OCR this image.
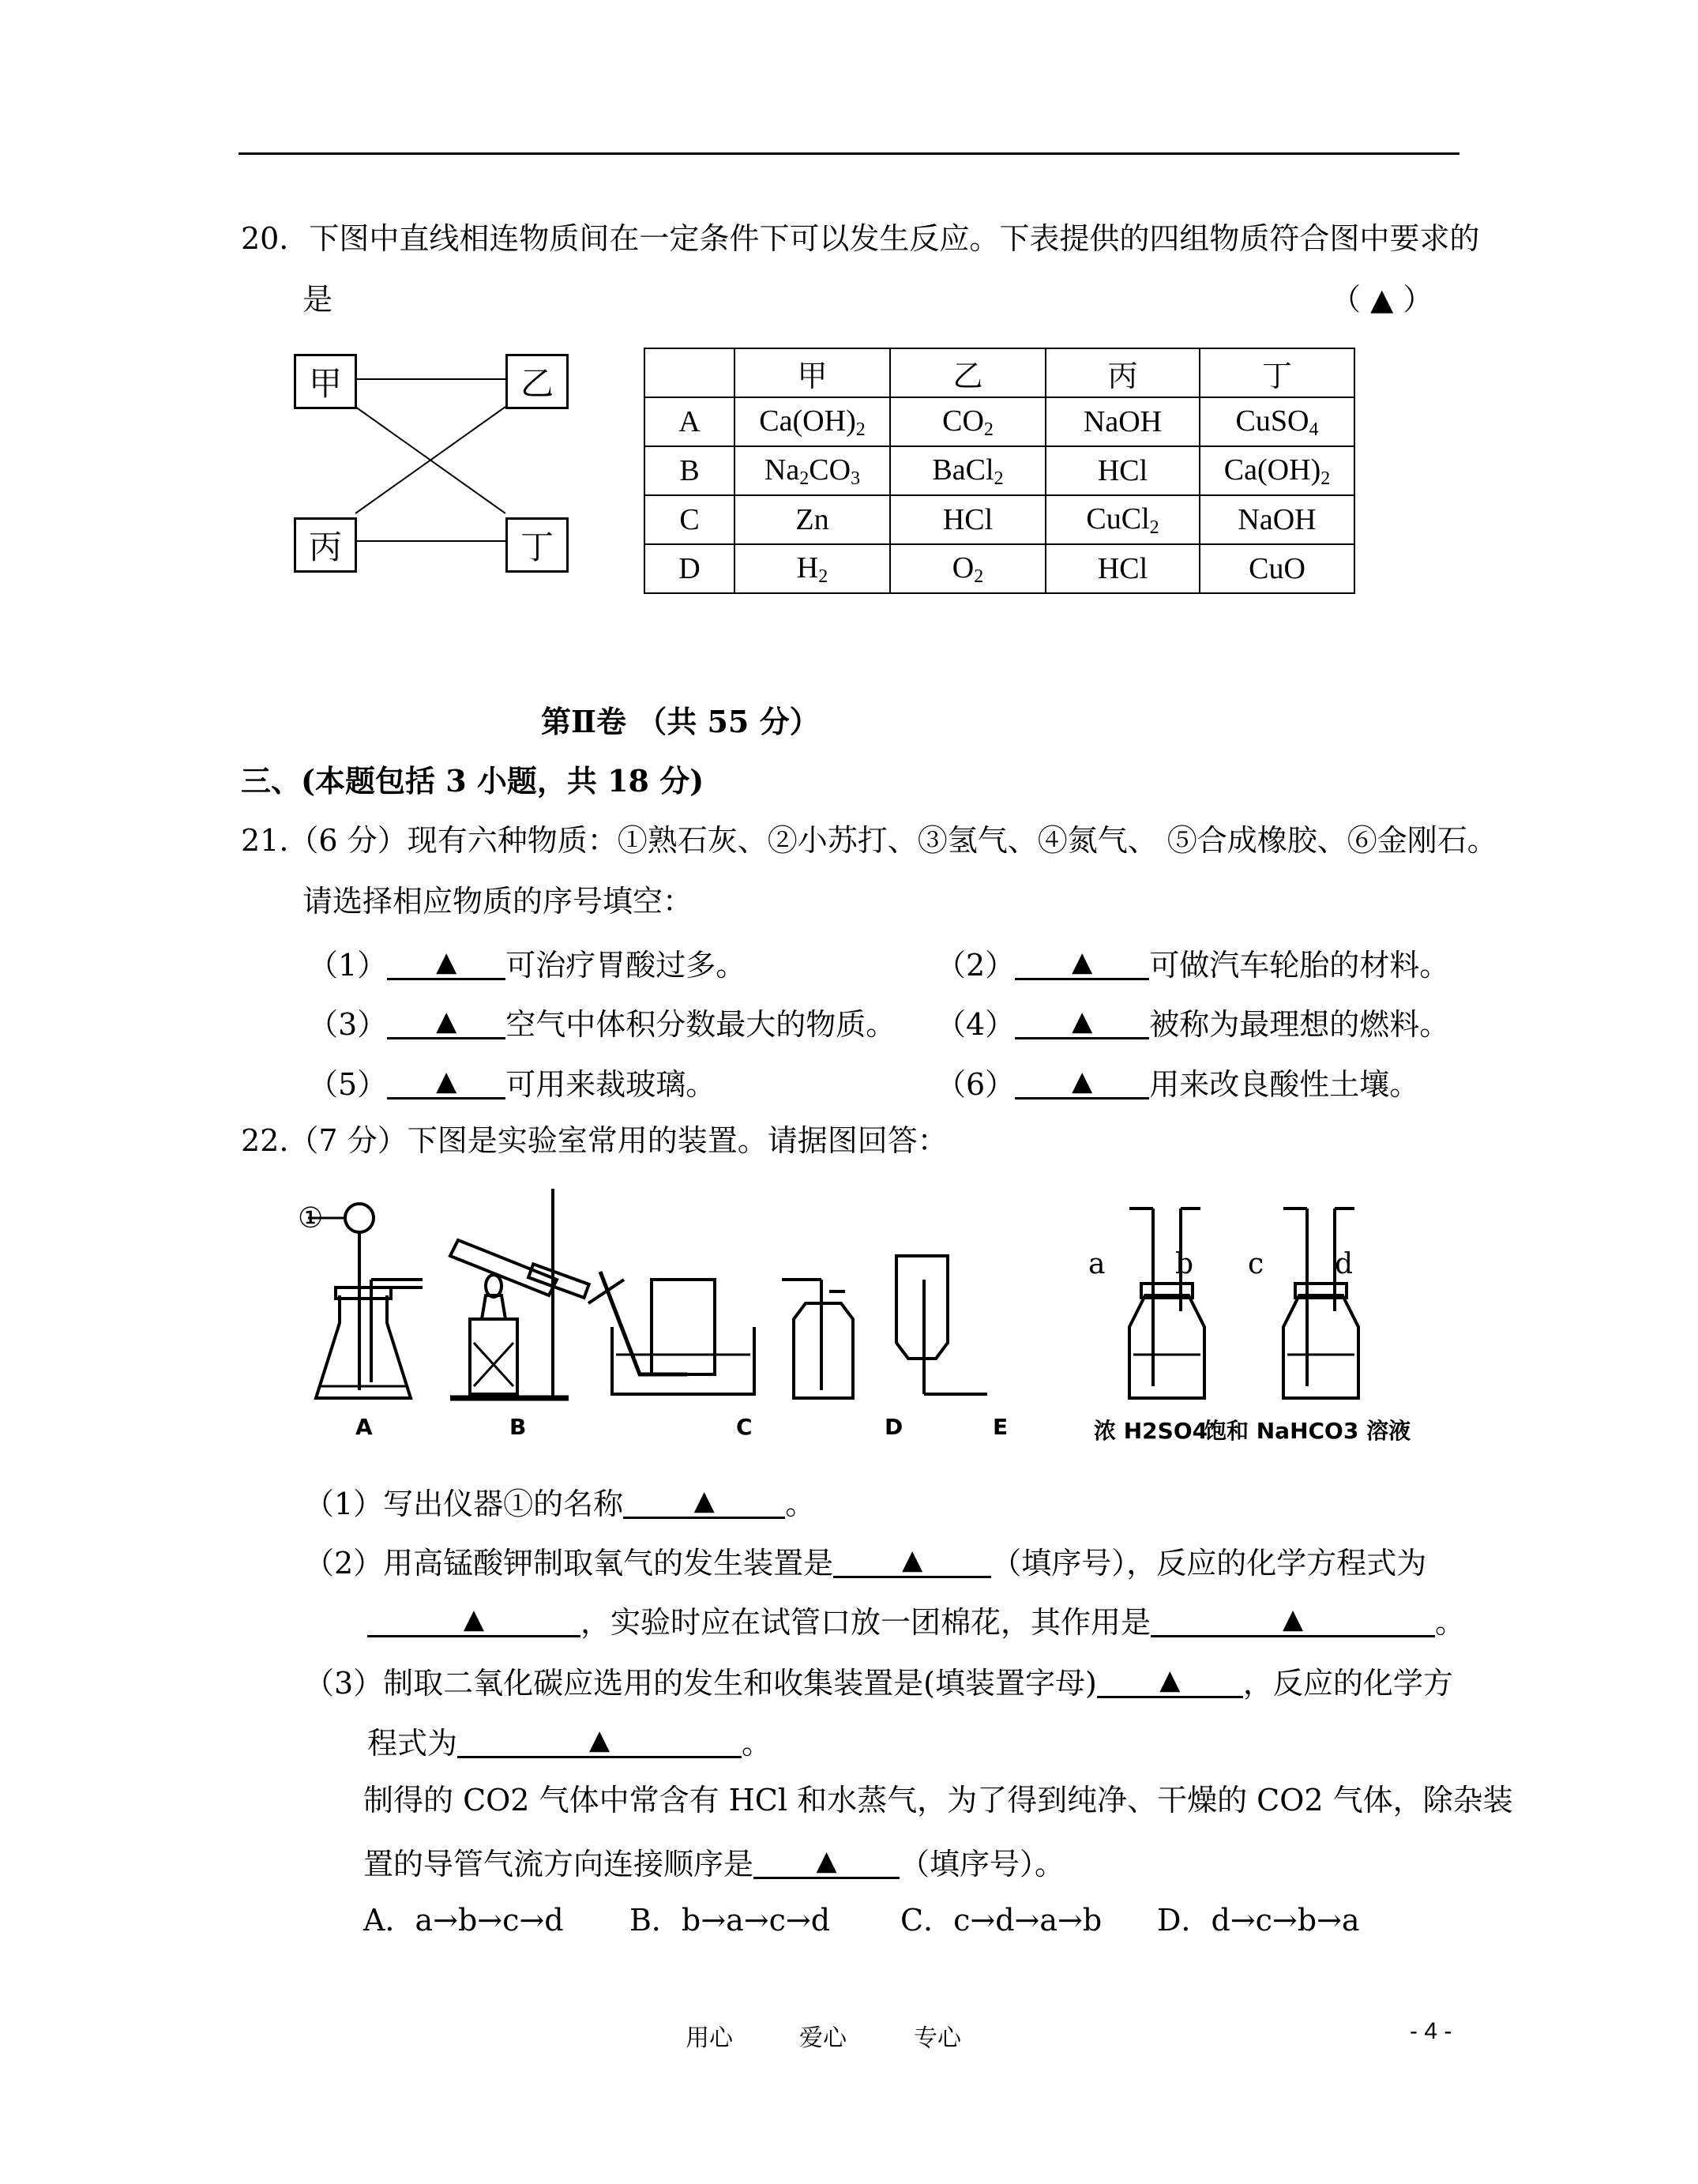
20．下图中直线相连物质间在一定条件下可以发生反应。下表提供的四组物质符合图中要求的
是	（ ▲ ）
甲	乙
丙	丁
	甲	乙	丙	丁
A	$Ca(OH)_2$	$CO_2$	NaOH	CuSO$_4$
B	$Na_2CO_3$	BaCl$_2$	HCl	$Ca(OH)_2$
C	Zn	HCl	CuCl$_2$	NaOH
D	$H_2$	$O_2$	HCl	CuO
第Ⅱ卷 （共 55 分）
三、(本题包括 3 小题，共 18 分)
21.（6 分）现有六种物质：①熟石灰、②小苏打、③氢气、④氮气、 ⑤合成橡胶、⑥金刚石。
请选择相应物质的序号填空：
（1） ▲ 可治疗胃酸过多。	（2） ▲ 可做汽车轮胎的材料。
（3） ▲ 空气中体积分数最大的物质。 （4） ▲ 被称为最理想的燃料。
（5） ▲ 可用来裁玻璃。	（6） ▲ 用来改良酸性土壤。
22.（7 分）下图是实验室常用的装置。请据图回答：
①
A	B	C	D	E
a b c d
浓 H2SO4
饱和 NaHCO3 溶液
（1）写出仪器①的名称	▲ 。
（2）用高锰酸钾制取氧气的发生装置是	▲ （填序号），反应的化学方程式为
▲	，实验时应在试管口放一团棉花，其作用是	▲	。
（3）制取二氧化碳应选用的发生和收集装置是(填装置字母) ▲ ，反应的化学方
程式为	▲	。
制得的 CO2 气体中常含有 HCl 和水蒸气，为了得到纯净、干燥的 CO2 气体，除杂装
置的导管气流方向连接顺序是 ▲ （填序号）。
A．a→b→c→d B．b→a→c→d C．c→d→a→b D．d→c→b→a
用心	爱心	专心	- 4 -
